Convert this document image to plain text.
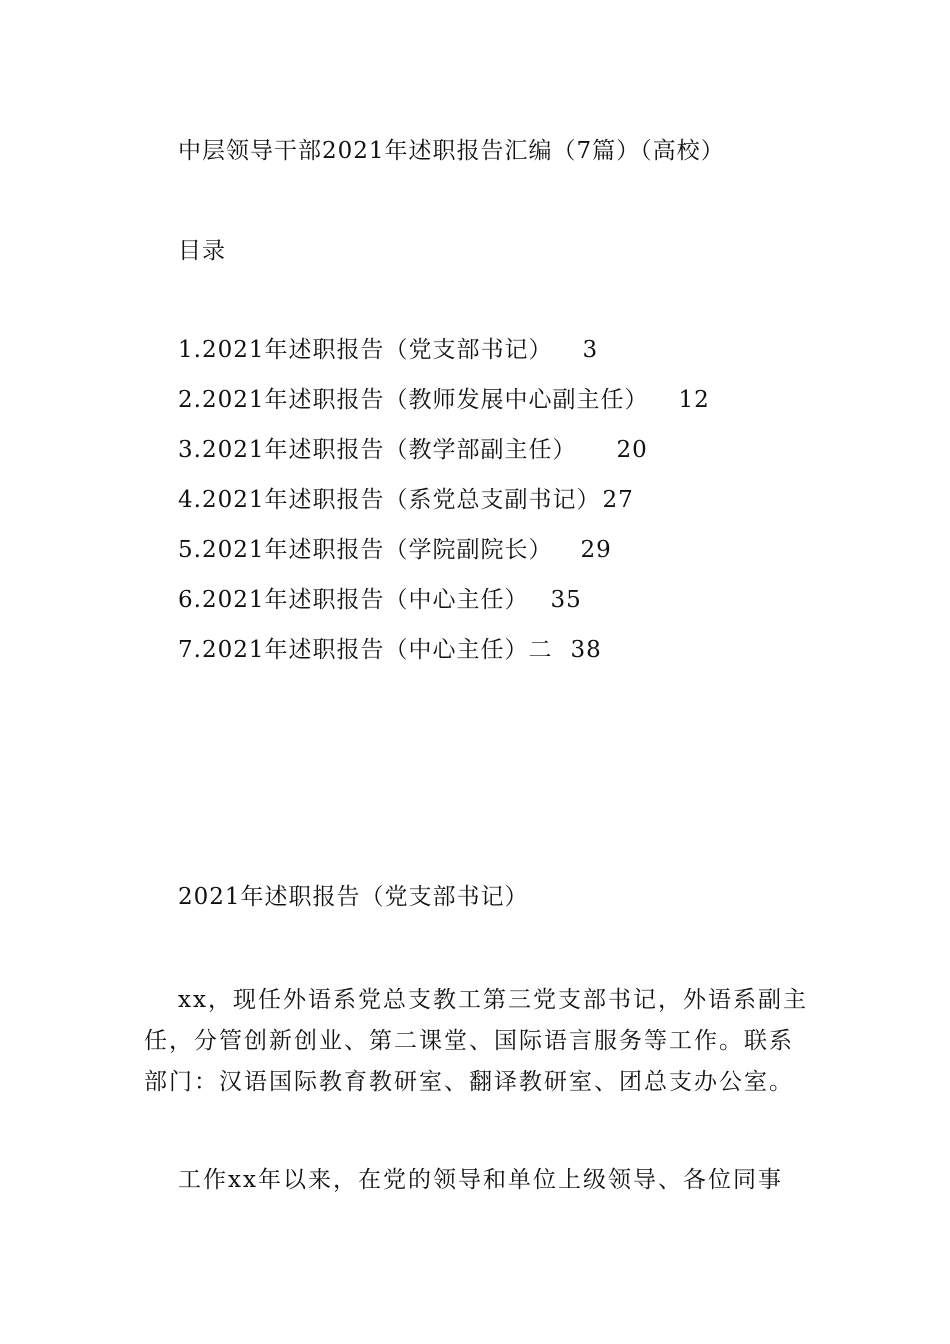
中层领导干部2021年述职报告汇编（7篇）（高校）
目录
1.2021年述职报告（党支部书记） 3
2.2021年述职报告（教师发展中心副主任） 12
3.2021年述职报告（教学部副主任） 20
4.2021年述职报告（系党总支副书记）27
5.2021年述职报告（学院副院长） 29
6.2021年述职报告（中心主任） 35
7.2021年述职报告（中心主任）二 38
2021年述职报告（党支部书记）
xx，现任外语系党总支教工第三党支部书记，外语系副主任，分管创新创业、第二课堂、国际语言服务等工作。联系部门：汉语国际教育教研室、翻译教研室、团总支办公室。
工作xx年以来，在党的领导和单位上级领导、各位同事
